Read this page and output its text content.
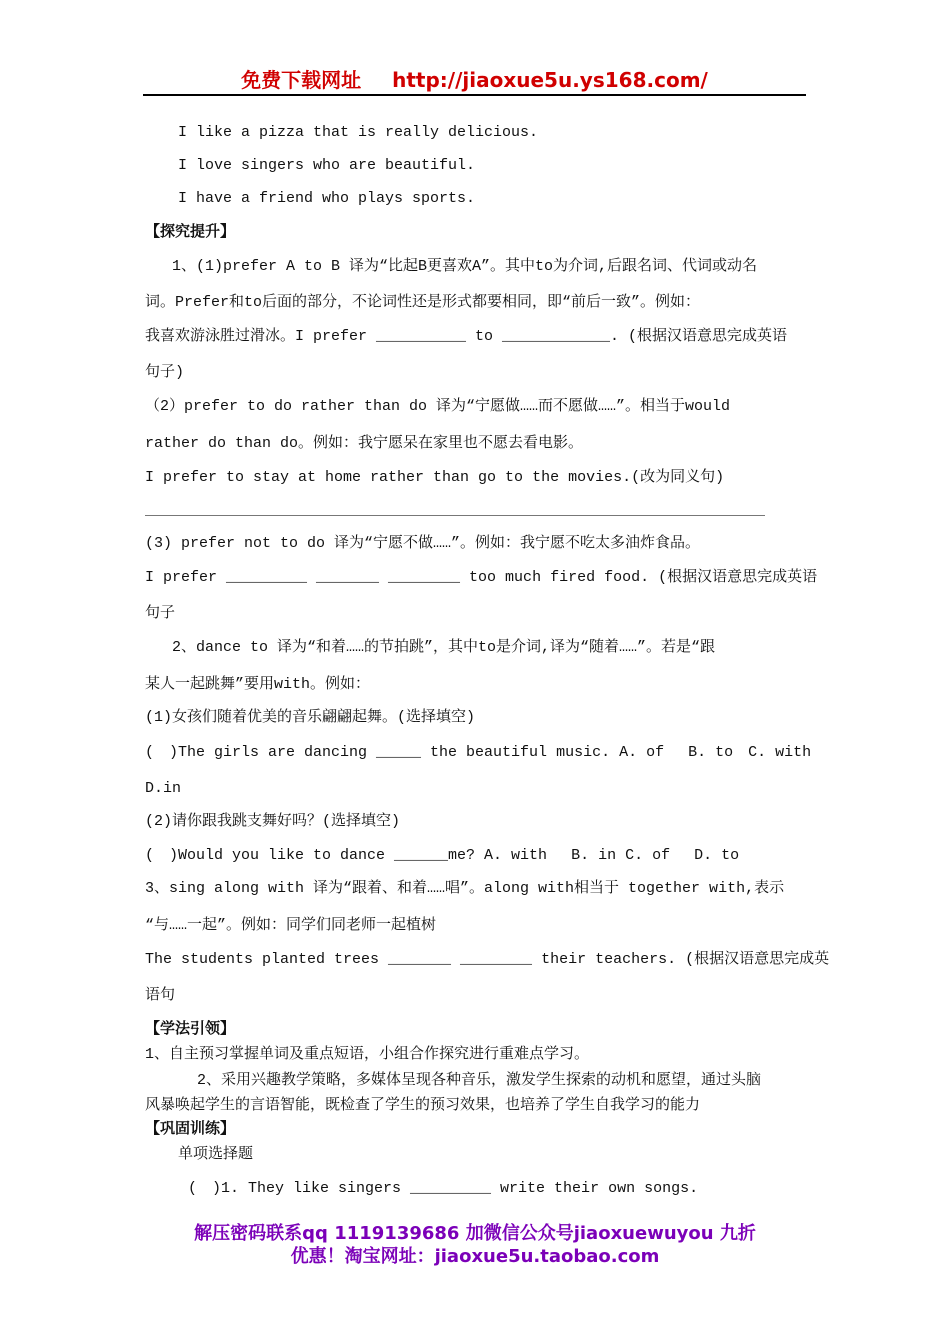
免费下载网址 http://jiaoxue5u.ys168.com/
I like a pizza that is really delicious.
I love singers who are beautiful.
I have a friend who plays sports.
【探究提升】
1、(1)prefer A to B 译为“比起B更喜欢A”。其中to为介词,后跟名词、代词或动名
词。Prefer和to后面的部分，不论词性还是形式都要相同，即“前后一致”。例如：
我喜欢游泳胜过滑冰。I prefer __________ to ____________. (根据汉语意思完成英语
句子)
（2）prefer to do rather than do 译为“宁愿做……而不愿做……”。相当于would
rather do than do。例如：我宁愿呆在家里也不愿去看电影。
I prefer to stay at home rather than go to the movies.(改为同义句)
(3) prefer not to do 译为“宁愿不做……”。例如：我宁愿不吃太多油炸食品。
I prefer _________ _______ ________ too much fired food. (根据汉语意思完成英语
句子
2、dance to 译为“和着……的节拍跳”，其中to是介词,译为“随着……”。若是“跟
某人一起跳舞”要用with。例如：
(1)女孩们随着优美的音乐翩翩起舞。(选择填空)
(　)The girls are dancing _____ the beautiful music. A. of　 B. to　C. with
D.in
(2)请你跟我跳支舞好吗？(选择填空)
(　)Would you like to dance ______me? A. with　 B. in C. of　 D. to
3、sing along with 译为“跟着、和着……唱”。along with相当于 together with,表示
“与……一起”。例如：同学们同老师一起植树
The students planted trees _______ ________ their teachers. (根据汉语意思完成英
语句
【学法引领】
1、自主预习掌握单词及重点短语，小组合作探究进行重难点学习。
2、采用兴趣教学策略，多媒体呈现各种音乐，激发学生探索的动机和愿望，通过头脑
风暴唤起学生的言语智能，既检查了学生的预习效果，也培养了学生自我学习的能力
【巩固训练】
单项选择题
(　)1. They like singers _________ write their own songs.
解压密码联系qq 1119139686 加微信公众号jiaoxuewuyou 九折
优惠！淘宝网址：jiaoxue5u.taobao.com
